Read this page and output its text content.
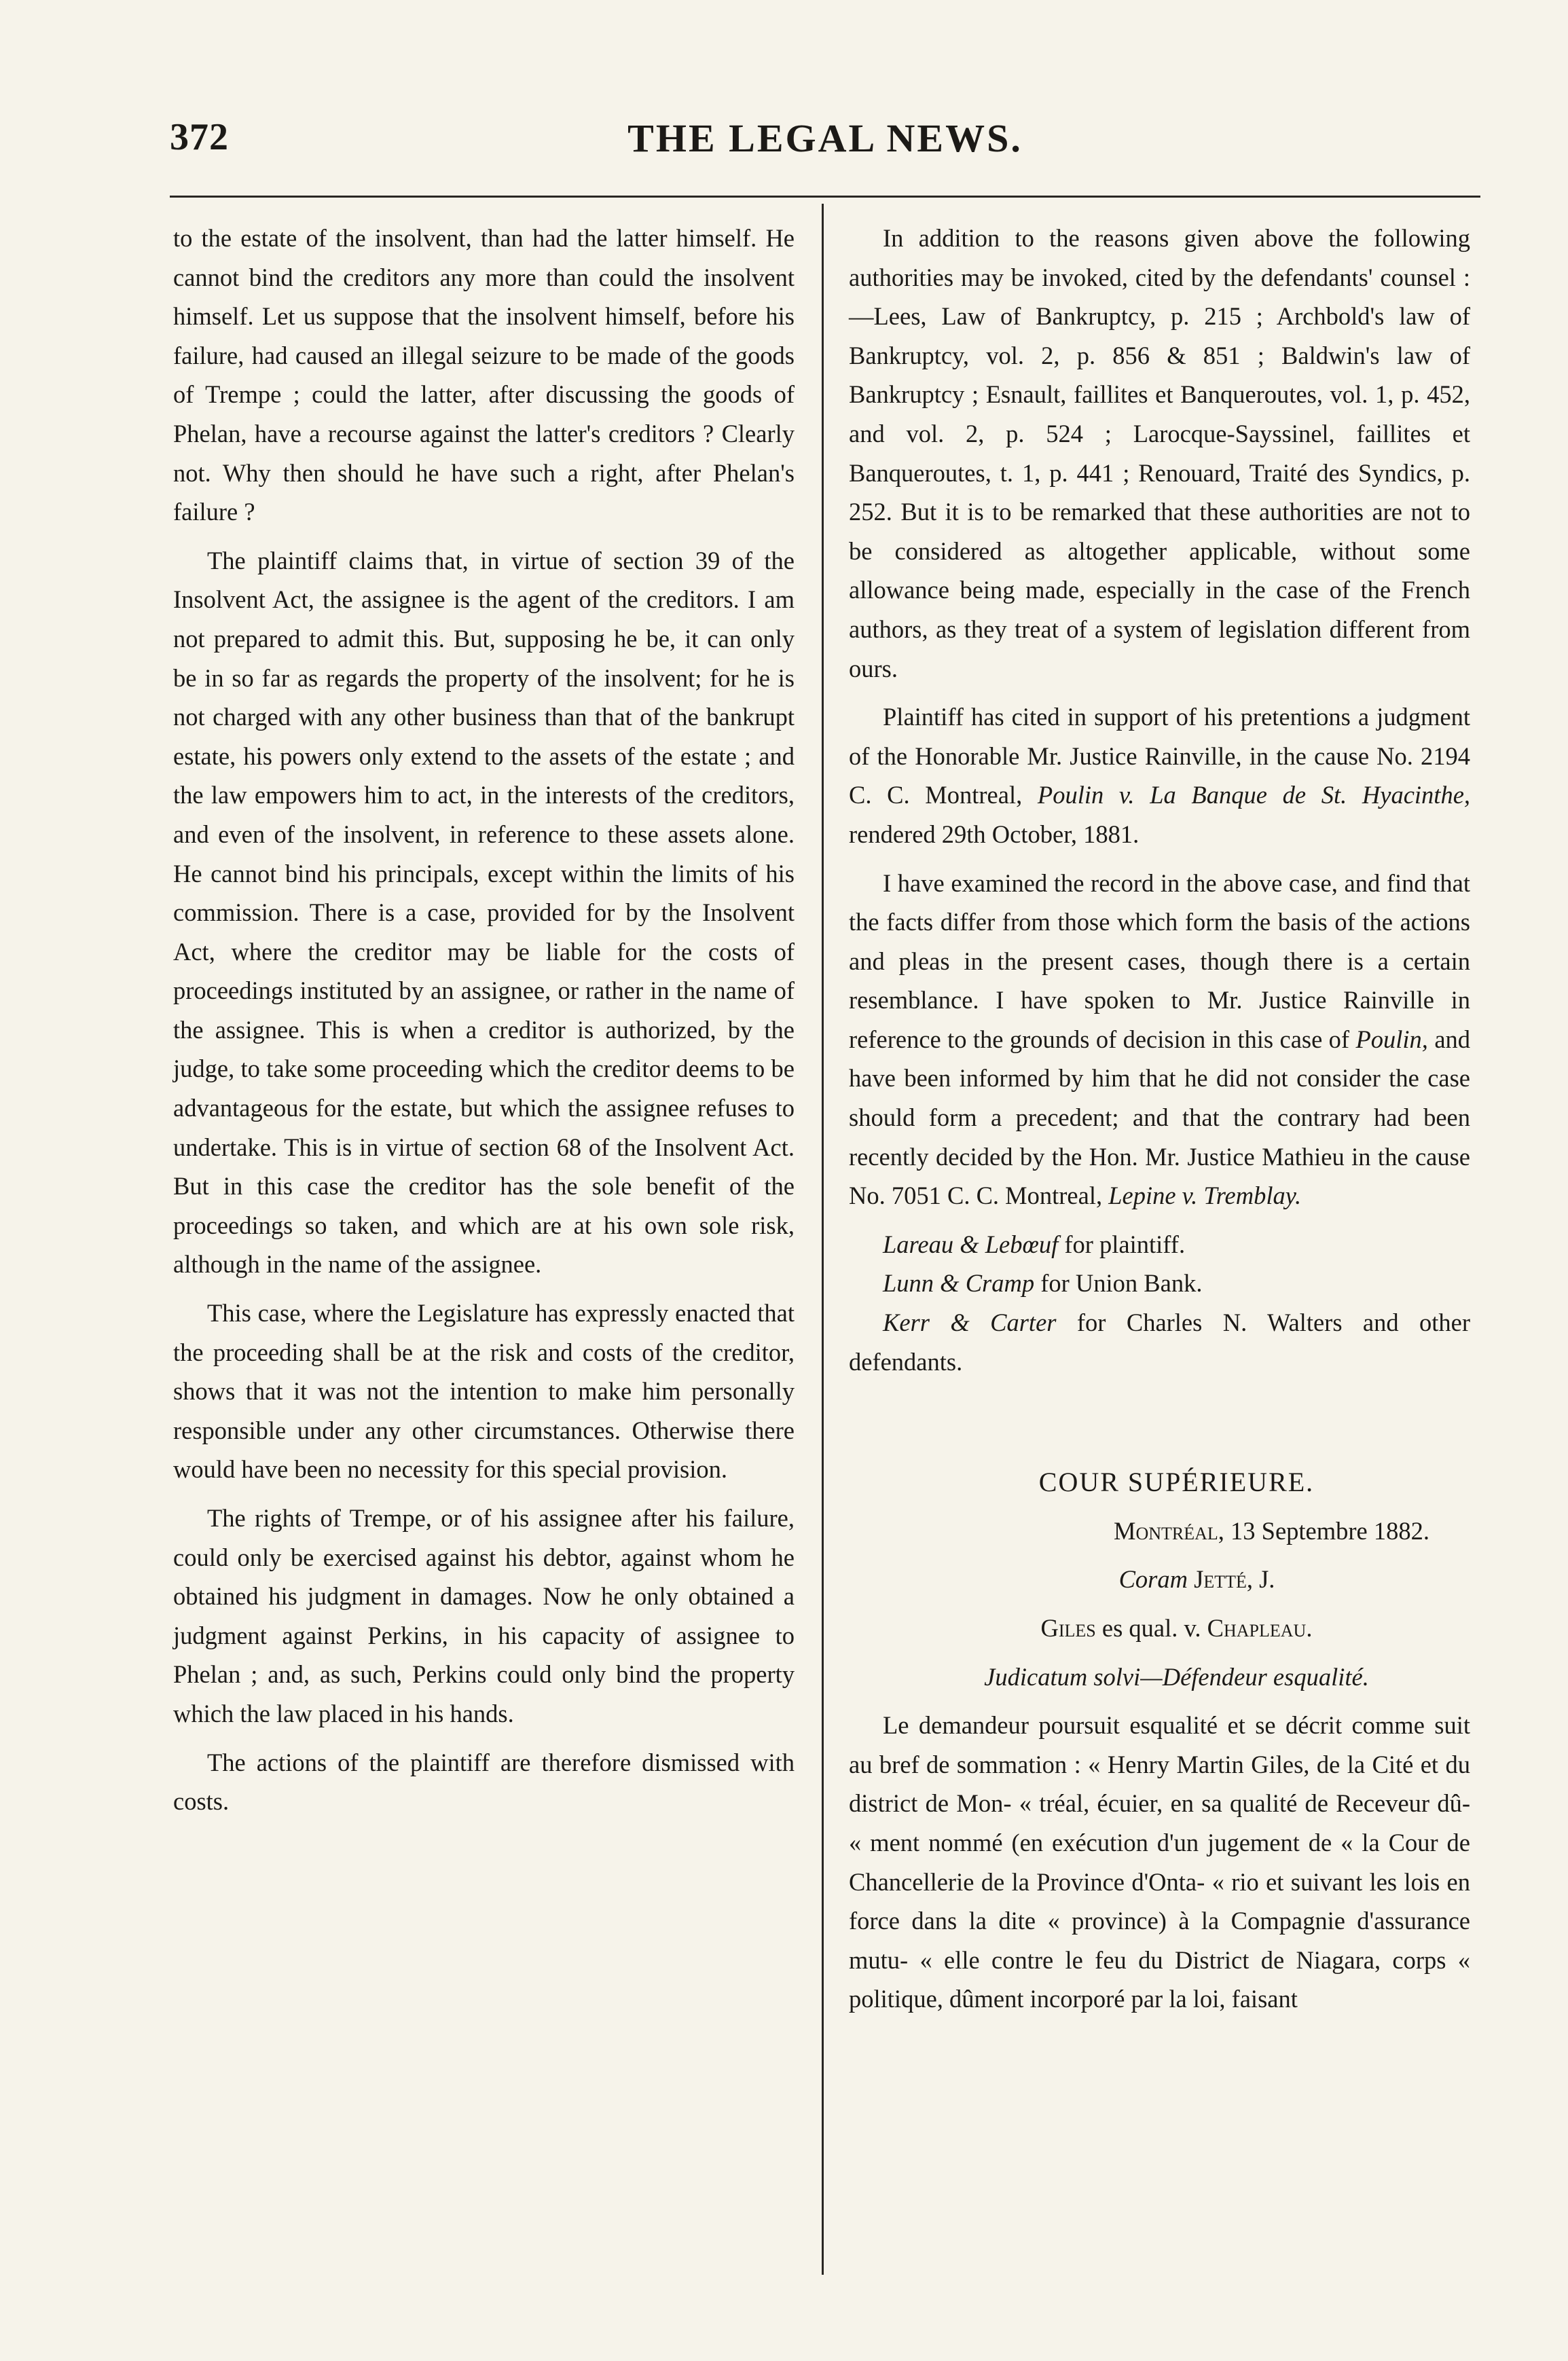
372	THE LEGAL NEWS.

to the estate of the insolvent, than had the latter himself. He cannot bind the creditors any more than could the insolvent himself. Let us suppose that the insolvent himself, before his failure, had caused an illegal seizure to be made of the goods of Trempe ; could the latter, after discussing the goods of Phelan, have a recourse against the latter's creditors ? Clearly not. Why then should he have such a right, after Phelan's failure ?

The plaintiff claims that, in virtue of section 39 of the Insolvent Act, the assignee is the agent of the creditors. I am not prepared to admit this. But, supposing he be, it can only be in so far as regards the property of the insolvent; for he is not charged with any other business than that of the bankrupt estate, his powers only extend to the assets of the estate ; and the law empowers him to act, in the interests of the creditors, and even of the insolvent, in reference to these assets alone. He cannot bind his principals, except within the limits of his commission. There is a case, provided for by the Insolvent Act, where the creditor may be liable for the costs of proceedings instituted by an assignee, or rather in the name of the assignee. This is when a creditor is authorized, by the judge, to take some proceeding which the creditor deems to be advantageous for the estate, but which the assignee refuses to undertake. This is in virtue of section 68 of the Insolvent Act. But in this case the creditor has the sole benefit of the proceedings so taken, and which are at his own sole risk, although in the name of the assignee.

This case, where the Legislature has expressly enacted that the proceeding shall be at the risk and costs of the creditor, shows that it was not the intention to make him personally responsible under any other circumstances. Otherwise there would have been no necessity for this special provision.

The rights of Trempe, or of his assignee after his failure, could only be exercised against his debtor, against whom he obtained his judgment in damages. Now he only obtained a judgment against Perkins, in his capacity of assignee to Phelan ; and, as such, Perkins could only bind the property which the law placed in his hands.

The actions of the plaintiff are therefore dismissed with costs.

In addition to the reasons given above the following authorities may be invoked, cited by the defendants' counsel :—Lees, Law of Bankruptcy, p. 215 ; Archbold's law of Bankruptcy, vol. 2, p. 856 & 851 ; Baldwin's law of Bankruptcy ; Esnault, faillites et Banqueroutes, vol. 1, p. 452, and vol. 2, p. 524 ; Larocque-Sayssinel, faillites et Banqueroutes, t. 1, p. 441 ; Renouard, Traité des Syndics, p. 252. But it is to be remarked that these authorities are not to be considered as altogether applicable, without some allowance being made, especially in the case of the French authors, as they treat of a system of legislation different from ours.

Plaintiff has cited in support of his pretentions a judgment of the Honorable Mr. Justice Rainville, in the cause No. 2194 C. C. Montreal, Poulin v. La Banque de St. Hyacinthe, rendered 29th October, 1881.

I have examined the record in the above case, and find that the facts differ from those which form the basis of the actions and pleas in the present cases, though there is a certain resemblance. I have spoken to Mr. Justice Rainville in reference to the grounds of decision in this case of Poulin, and have been informed by him that he did not consider the case should form a precedent; and that the contrary had been recently decided by the Hon. Mr. Justice Mathieu in the cause No. 7051 C. C. Montreal, Lepine v. Tremblay.

Lareau & Lebœuf for plaintiff.

Lunn & Cramp for Union Bank.

Kerr & Carter for Charles N. Walters and other defendants.

COUR SUPÉRIEURE.

Montréal, 13 Septembre 1882.

Coram Jetté, J.

Giles es qual. v. Chapleau.

Judicatum solvi—Défendeur esqualité.

Le demandeur poursuit esqualité et se décrit comme suit au bref de sommation : « Henry Martin Giles, de la Cité et du district de Mon- « tréal, écuier, en sa qualité de Receveur dû- « ment nommé (en exécution d'un jugement de « la Cour de Chancellerie de la Province d'Onta- « rio et suivant les lois en force dans la dite « province) à la Compagnie d'assurance mutu- « elle contre le feu du District de Niagara, corps « politique, dûment incorporé par la loi, faisant
